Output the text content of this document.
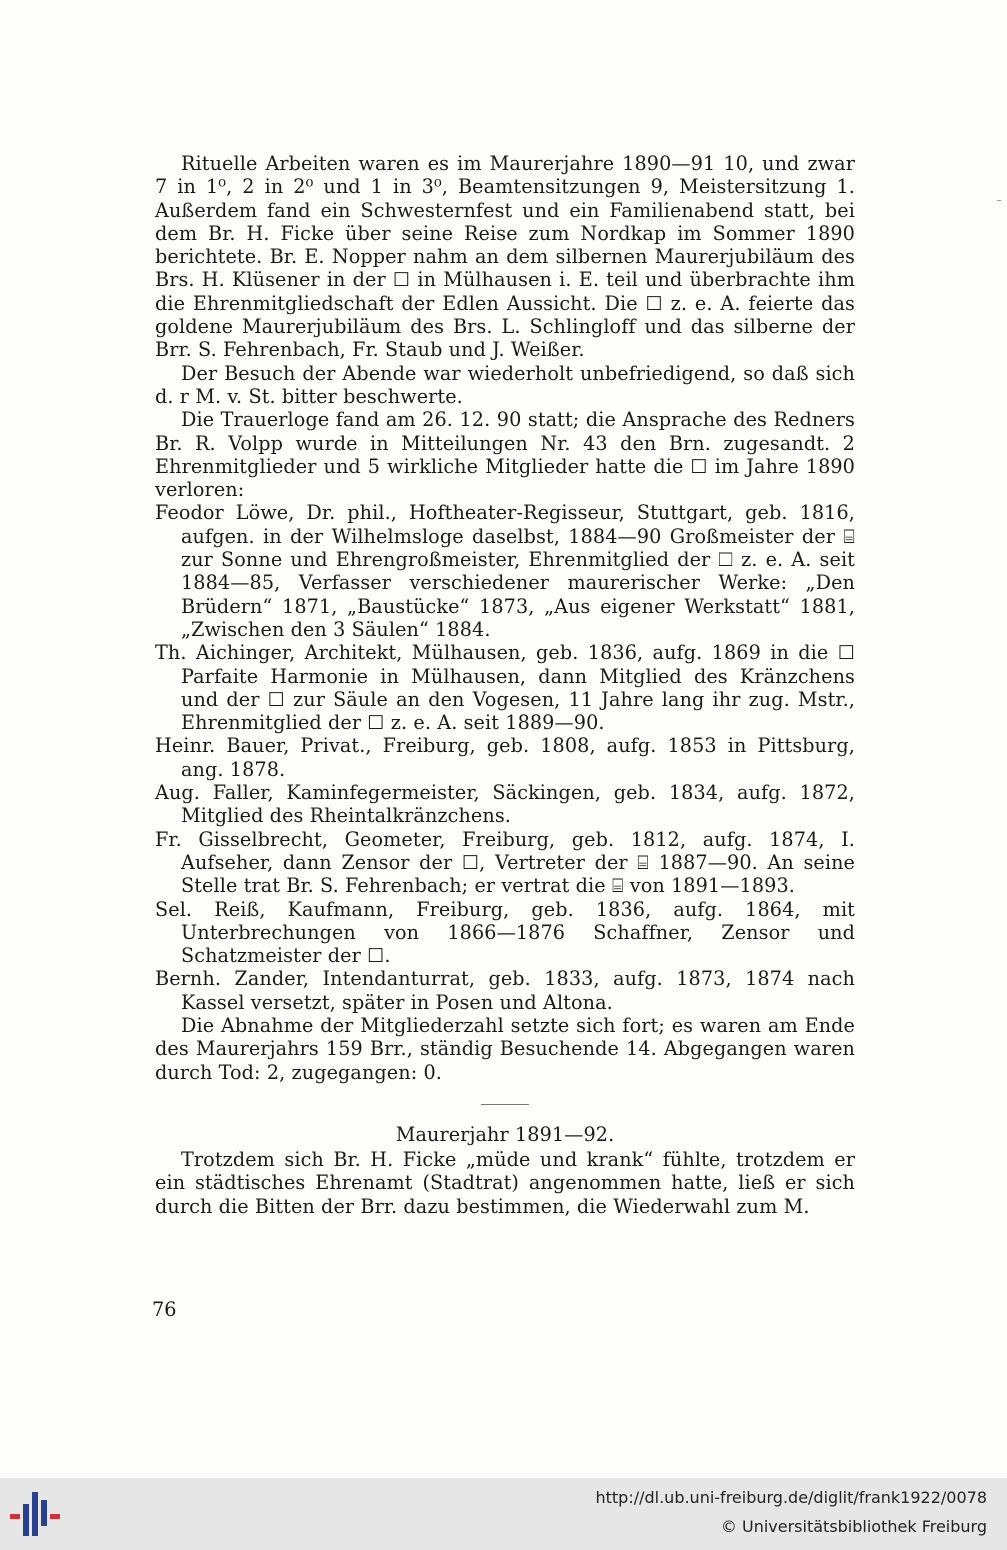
Rituelle Arbeiten waren es im Maurerjahre 1890—91 10, und zwar 7 in 1⁰, 2 in 2⁰ und 1 in 3⁰, Beamtensitzungen 9, Meistersitzung 1. Außerdem fand ein Schwesternfest und ein Familienabend statt, bei dem Br. H. Ficke über seine Reise zum Nordkap im Sommer 1890 berichtete. Br. E. Nopper nahm an dem silbernen Maurerjubiläum des Brs. H. Klüsener in der ☐ in Mülhausen i. E. teil und überbrachte ihm die Ehrenmitgliedschaft der Edlen Aussicht. Die ☐ z. e. A. feierte das goldene Maurerjubiläum des Brs. L. Schlingloff und das silberne der Brr. S. Fehrenbach, Fr. Staub und J. Weißer.

Der Besuch der Abende war wiederholt unbefriedigend, so daß sich d. r M. v. St. bitter beschwerte.

Die Trauerloge fand am 26. 12. 90 statt; die Ansprache des Redners Br. R. Volpp wurde in Mitteilungen Nr. 43 den Brn. zugesandt. 2 Ehrenmitglieder und 5 wirkliche Mitglieder hatte die ☐ im Jahre 1890 verloren:

Feodor Löwe, Dr. phil., Hoftheater-Regisseur, Stuttgart, geb. 1816, aufgen. in der Wilhelmsloge daselbst, 1884—90 Großmeister der ⌸ zur Sonne und Ehrengroßmeister, Ehrenmitglied der ☐ z. e. A. seit 1884—85, Verfasser verschiedener maurerischer Werke: „Den Brüdern“ 1871, „Baustücke“ 1873, „Aus eigener Werkstatt“ 1881, „Zwischen den 3 Säulen“ 1884.

Th. Aichinger, Architekt, Mülhausen, geb. 1836, aufg. 1869 in die ☐ Parfaite Harmonie in Mülhausen, dann Mitglied des Kränzchens und der ☐ zur Säule an den Vogesen, 11 Jahre lang ihr zug. Mstr., Ehrenmitglied der ☐ z. e. A. seit 1889—90.

Heinr. Bauer, Privat., Freiburg, geb. 1808, aufg. 1853 in Pittsburg, ang. 1878.

Aug. Faller, Kaminfegermeister, Säckingen, geb. 1834, aufg. 1872, Mitglied des Rheintalkränzchens.

Fr. Gisselbrecht, Geometer, Freiburg, geb. 1812, aufg. 1874, I. Aufseher, dann Zensor der ☐, Vertreter der ⌸ 1887—90. An seine Stelle trat Br. S. Fehrenbach; er vertrat die ⌸ von 1891—1893.

Sel. Reiß, Kaufmann, Freiburg, geb. 1836, aufg. 1864, mit Unterbrechungen von 1866—1876 Schaffner, Zensor und Schatzmeister der ☐.

Bernh. Zander, Intendanturrat, geb. 1833, aufg. 1873, 1874 nach Kassel versetzt, später in Posen und Altona.

Die Abnahme der Mitgliederzahl setzte sich fort; es waren am Ende des Maurerjahrs 159 Brr., ständig Besuchende 14. Abgegangen waren durch Tod: 2, zugegangen: 0.

Maurerjahr 1891—92.

Trotzdem sich Br. H. Ficke „müde und krank“ fühlte, trotzdem er ein städtisches Ehrenamt (Stadtrat) angenommen hatte, ließ er sich durch die Bitten der Brr. dazu bestimmen, die Wiederwahl zum M.

76
http://dl.ub.uni-freiburg.de/diglit/frank1922/0078
© Universitätsbibliothek Freiburg
